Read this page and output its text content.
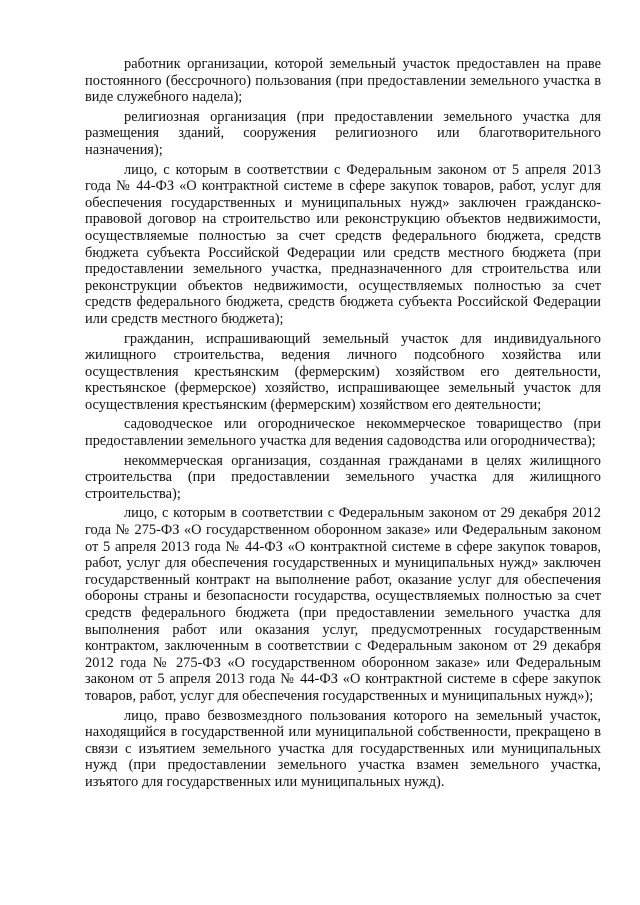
работник организации, которой земельный участок предоставлен на праве постоянного (бессрочного) пользования (при предоставлении земельного участка в виде служебного надела);

религиозная организация (при предоставлении земельного участка для размещения зданий, сооружения религиозного или благотворительного назначения);

лицо, с которым в соответствии с Федеральным законом от 5 апреля 2013 года № 44-ФЗ «О контрактной системе в сфере закупок товаров, работ, услуг для обеспечения государственных и муниципальных нужд» заключен гражданско-правовой договор на строительство или реконструкцию объектов недвижимости, осуществляемые полностью за счет средств федерального бюджета, средств бюджета субъекта Российской Федерации или средств местного бюджета (при предоставлении земельного участка, предназначенного для строительства или реконструкции объектов недвижимости, осуществляемых полностью за счет средств федерального бюджета, средств бюджета субъекта Российской Федерации или средств местного бюджета);

гражданин, испрашивающий земельный участок для индивидуального жилищного строительства, ведения личного подсобного хозяйства или осуществления крестьянским (фермерским) хозяйством его деятельности, крестьянское (фермерское) хозяйство, испрашивающее земельный участок для осуществления крестьянским (фермерским) хозяйством его деятельности;

садоводческое или огородническое некоммерческое товарищество (при предоставлении земельного участка для ведения садоводства или огородничества);

некоммерческая организация, созданная гражданами в целях жилищного строительства (при предоставлении земельного участка для жилищного строительства);

лицо, с которым в соответствии с Федеральным законом от 29 декабря 2012 года № 275-ФЗ «О государственном оборонном заказе» или Федеральным законом от 5 апреля 2013 года № 44-ФЗ «О контрактной системе в сфере закупок товаров, работ, услуг для обеспечения государственных и муниципальных нужд» заключен государственный контракт на выполнение работ, оказание услуг для обеспечения обороны страны и безопасности государства, осуществляемых полностью за счет средств федерального бюджета (при предоставлении земельного участка для выполнения работ или оказания услуг, предусмотренных государственным контрактом, заключенным в соответствии с Федеральным законом от 29 декабря 2012 года № 275-ФЗ «О государственном оборонном заказе» или Федеральным законом от 5 апреля 2013 года № 44-ФЗ «О контрактной системе в сфере закупок товаров, работ, услуг для обеспечения государственных и муниципальных нужд»);

лицо, право безвозмездного пользования которого на земельный участок, находящийся в государственной или муниципальной собственности, прекращено в связи с изъятием земельного участка для государственных или муниципальных нужд (при предоставлении земельного участка взамен земельного участка, изъятого для государственных или муниципальных нужд).
